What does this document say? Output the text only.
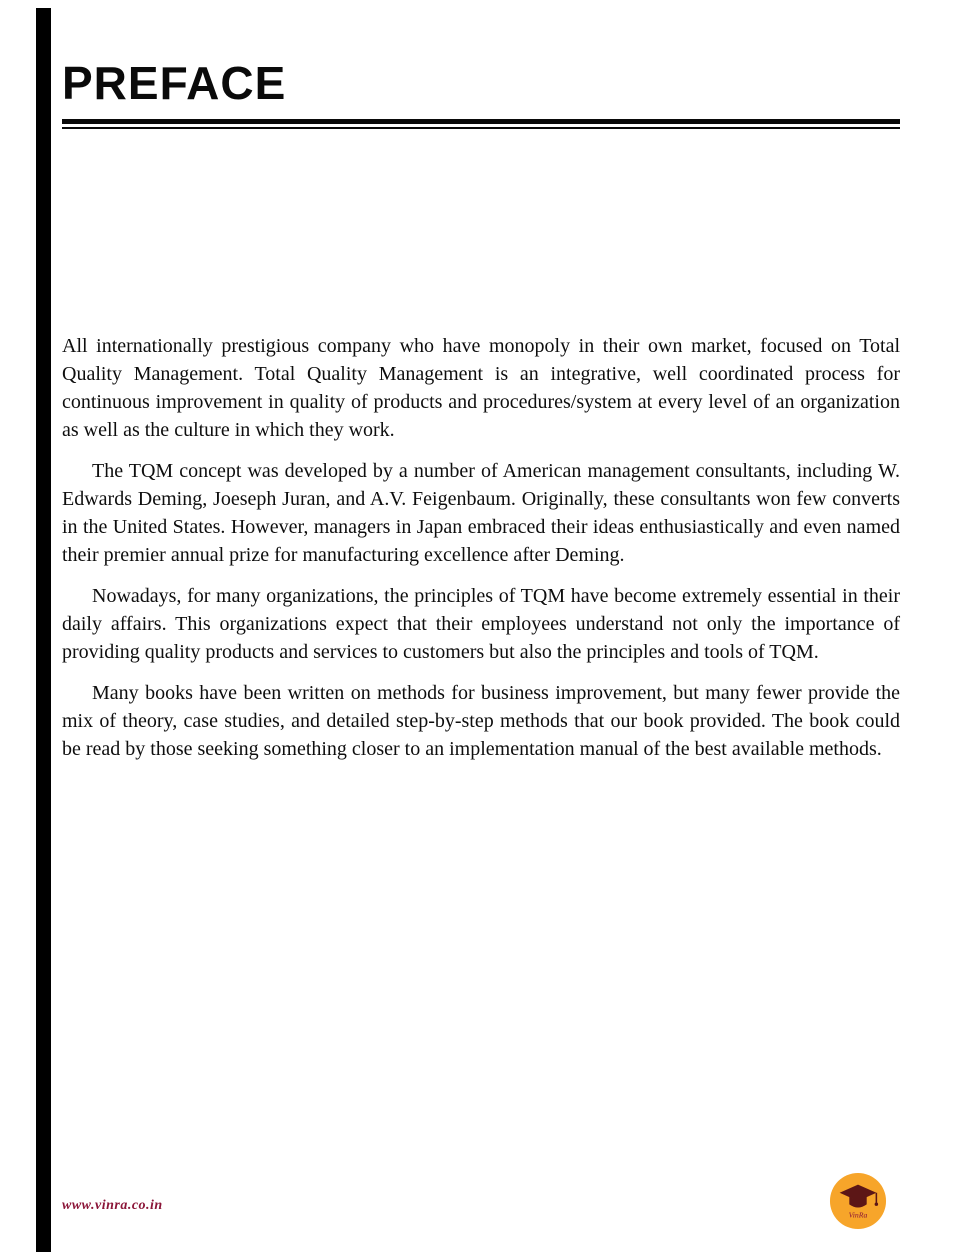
PREFACE

All internationally prestigious company who have monopoly in their own market, focused on Total Quality Management. Total Quality Management is an integrative, well coordinated process for continuous improvement in quality of products and procedures/system at every level of an organization as well as the culture in which they work.

The TQM concept was developed by a number of American management consultants, including W. Edwards Deming, Joeseph Juran, and A.V. Feigenbaum. Originally, these consultants won few converts in the United States. However, managers in Japan embraced their ideas enthusiastically and even named their premier annual prize for manufacturing excellence after Deming.

Nowadays, for many organizations, the principles of TQM have become extremely essential in their daily affairs. This organizations expect that their employees understand not only the importance of providing quality products and services to customers but also the principles and tools of TQM.

Many books have been written on methods for business improvement, but many fewer provide the mix of theory, case studies, and detailed step-by-step methods that our book provided. The book could be read by those seeking something closer to an implementation manual of the best available methods.

www.vinra.co.in
VinRa
